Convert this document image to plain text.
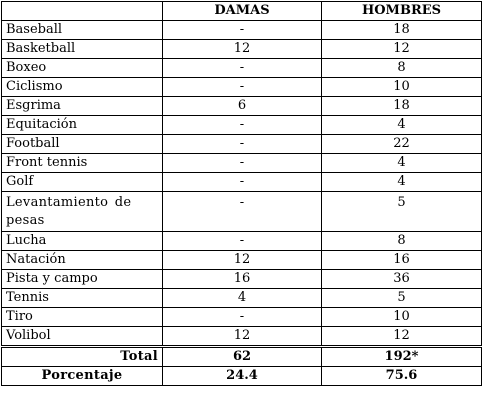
	DAMAS	HOMBRES
Baseball	-	18
Basketball	12	12
Boxeo	-	8
Ciclismo	-	10
Esgrima	6	18
Equitación	-	4
Football	-	22
Front tennis	-	4
Golf	-	4
Levantamiento de pesas	-	5
Lucha	-	8
Natación	12	16
Pista y campo	16	36
Tennis	4	5
Tiro	-	10
Volibol	12	12
Total	62	192*
Porcentaje	24.4	75.6
